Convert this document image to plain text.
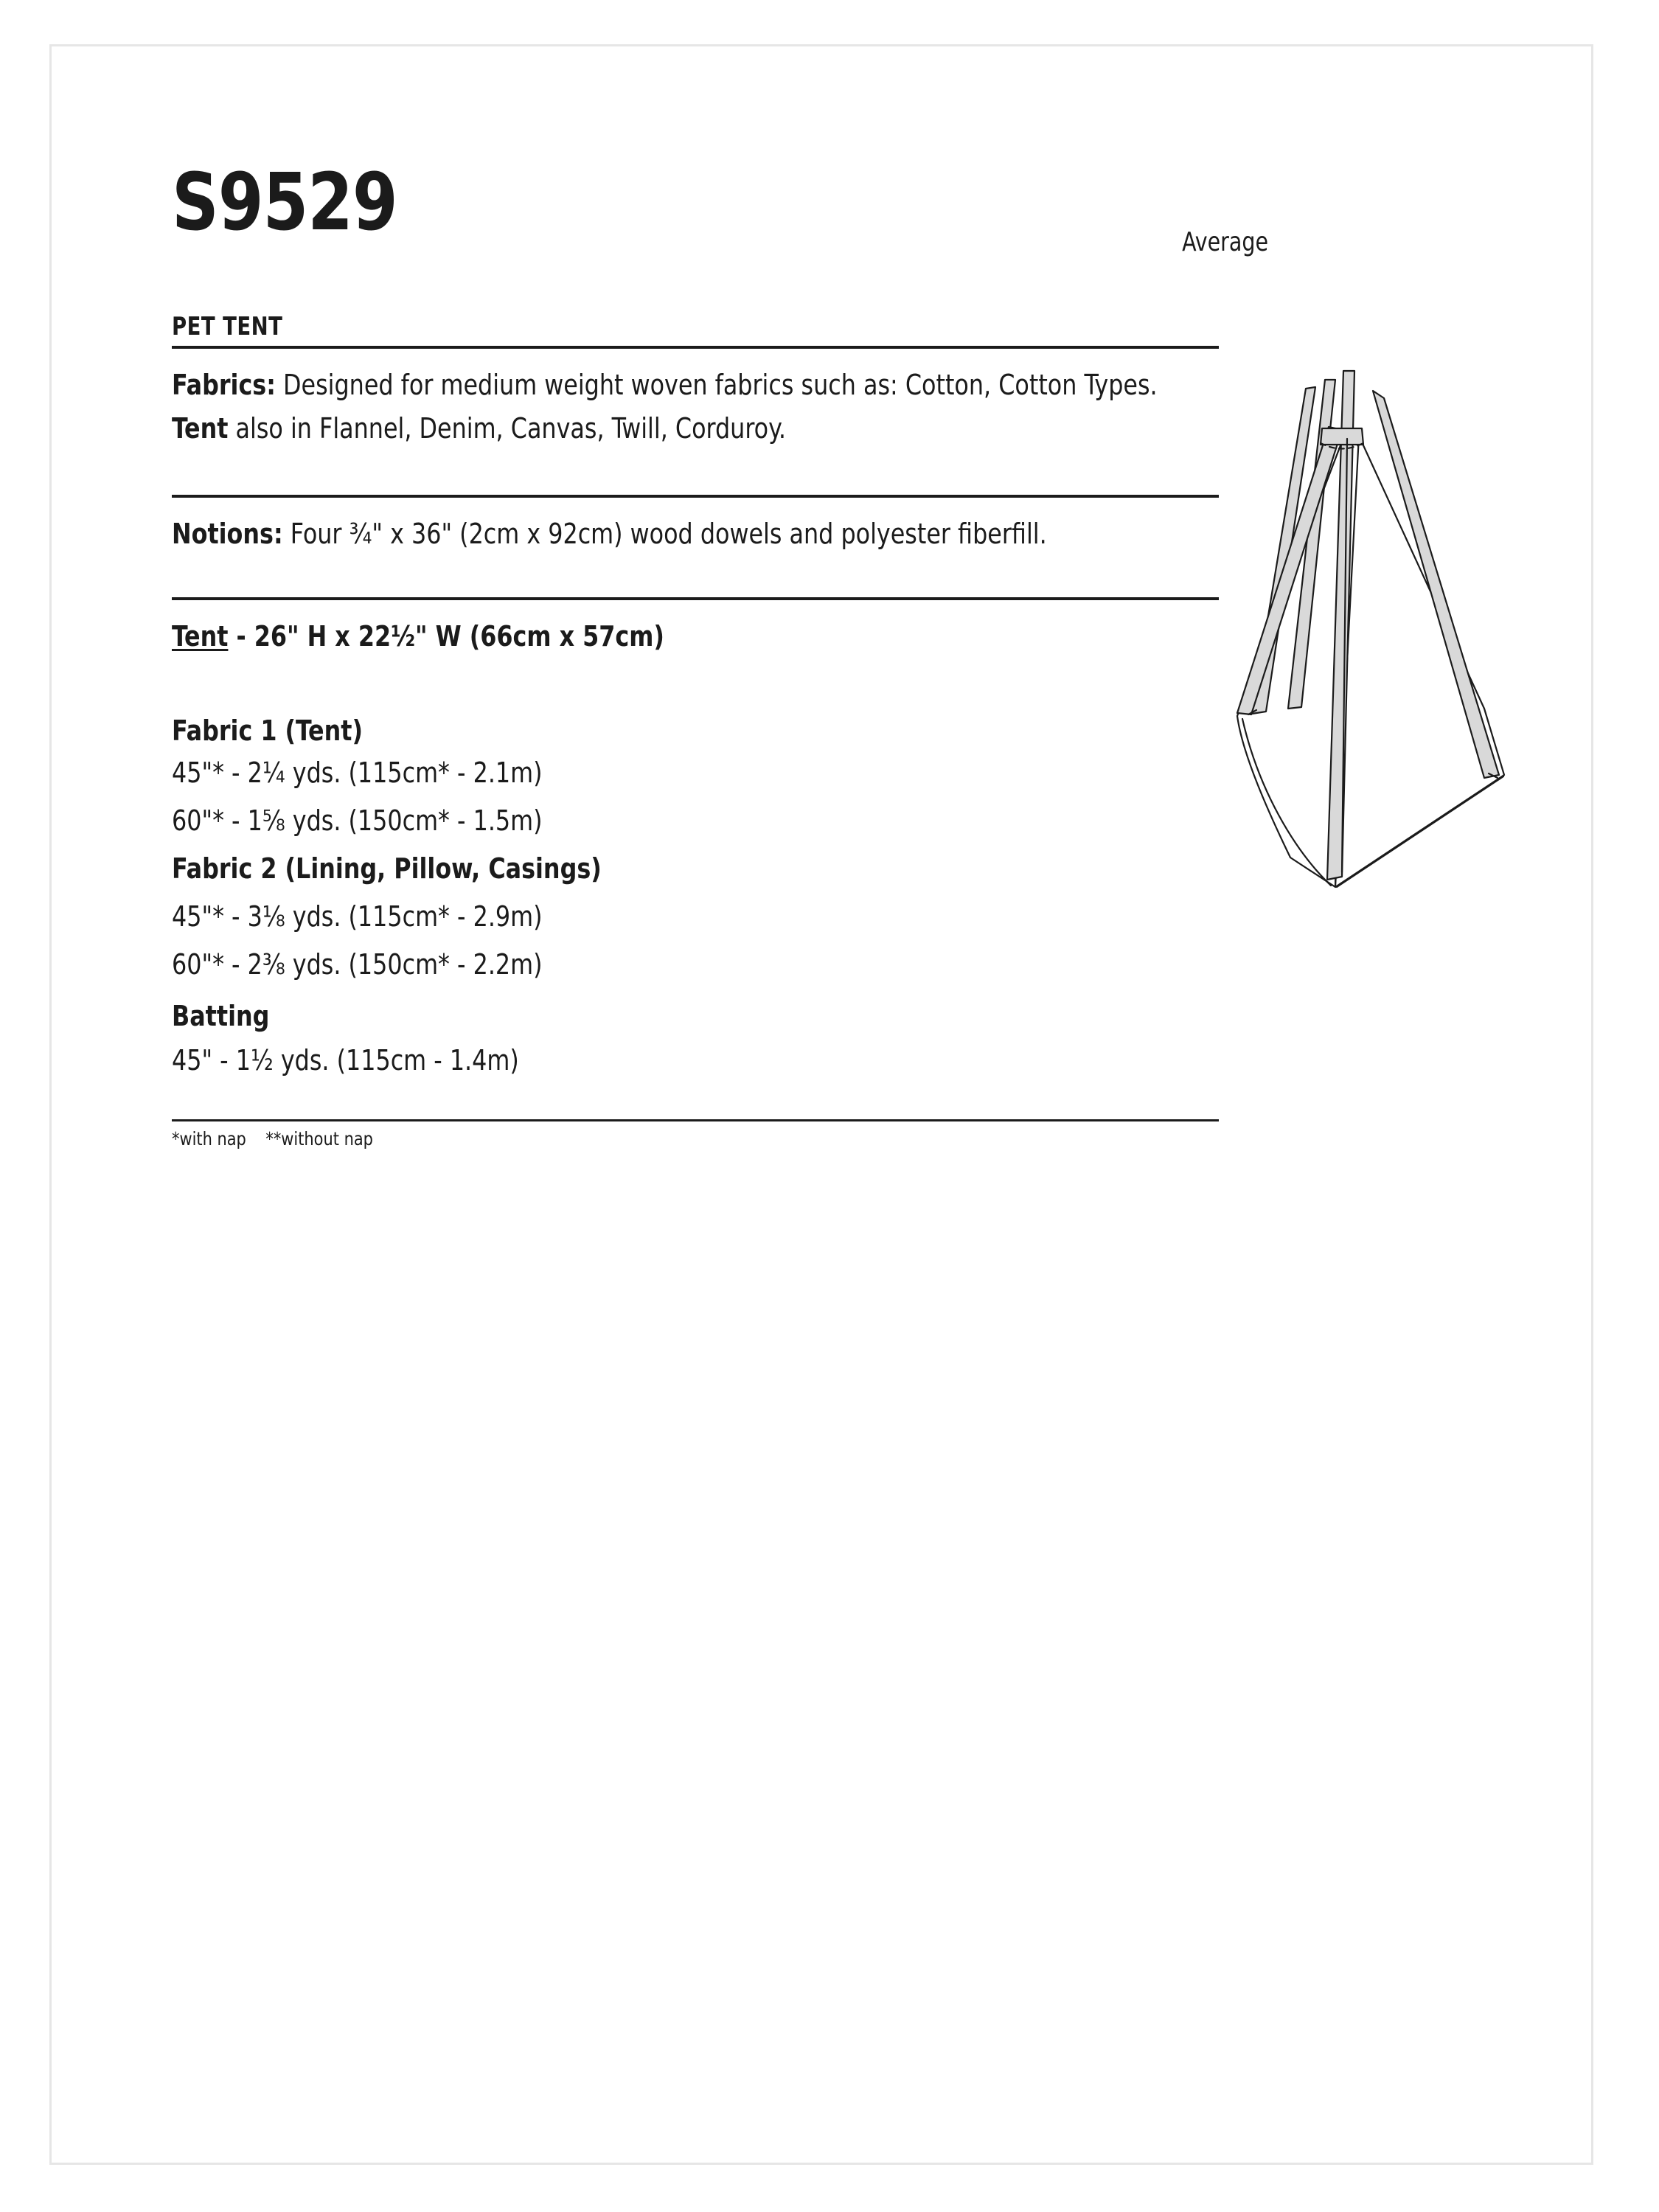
S9529	Average
PET TENT
Fabrics: Designed for medium weight woven fabrics such as: Cotton, Cotton Types.
Tent also in Flannel, Denim, Canvas, Twill, Corduroy.
Notions: Four ¾" x 36" (2cm x 92cm) wood dowels and polyester fiberfill.
Tent - 26" H x 22½" W (66cm x 57cm)
Fabric 1 (Tent)
45"* - 2¼ yds. (115cm* - 2.1m)
60"* - 1⅝ yds. (150cm* - 1.5m)
Fabric 2 (Lining, Pillow, Casings)
45"* - 3⅛ yds. (115cm* - 2.9m)
60"* - 2⅜ yds. (150cm* - 2.2m)
Batting
45" - 1½ yds. (115cm - 1.4m)
*with nap    **without nap
